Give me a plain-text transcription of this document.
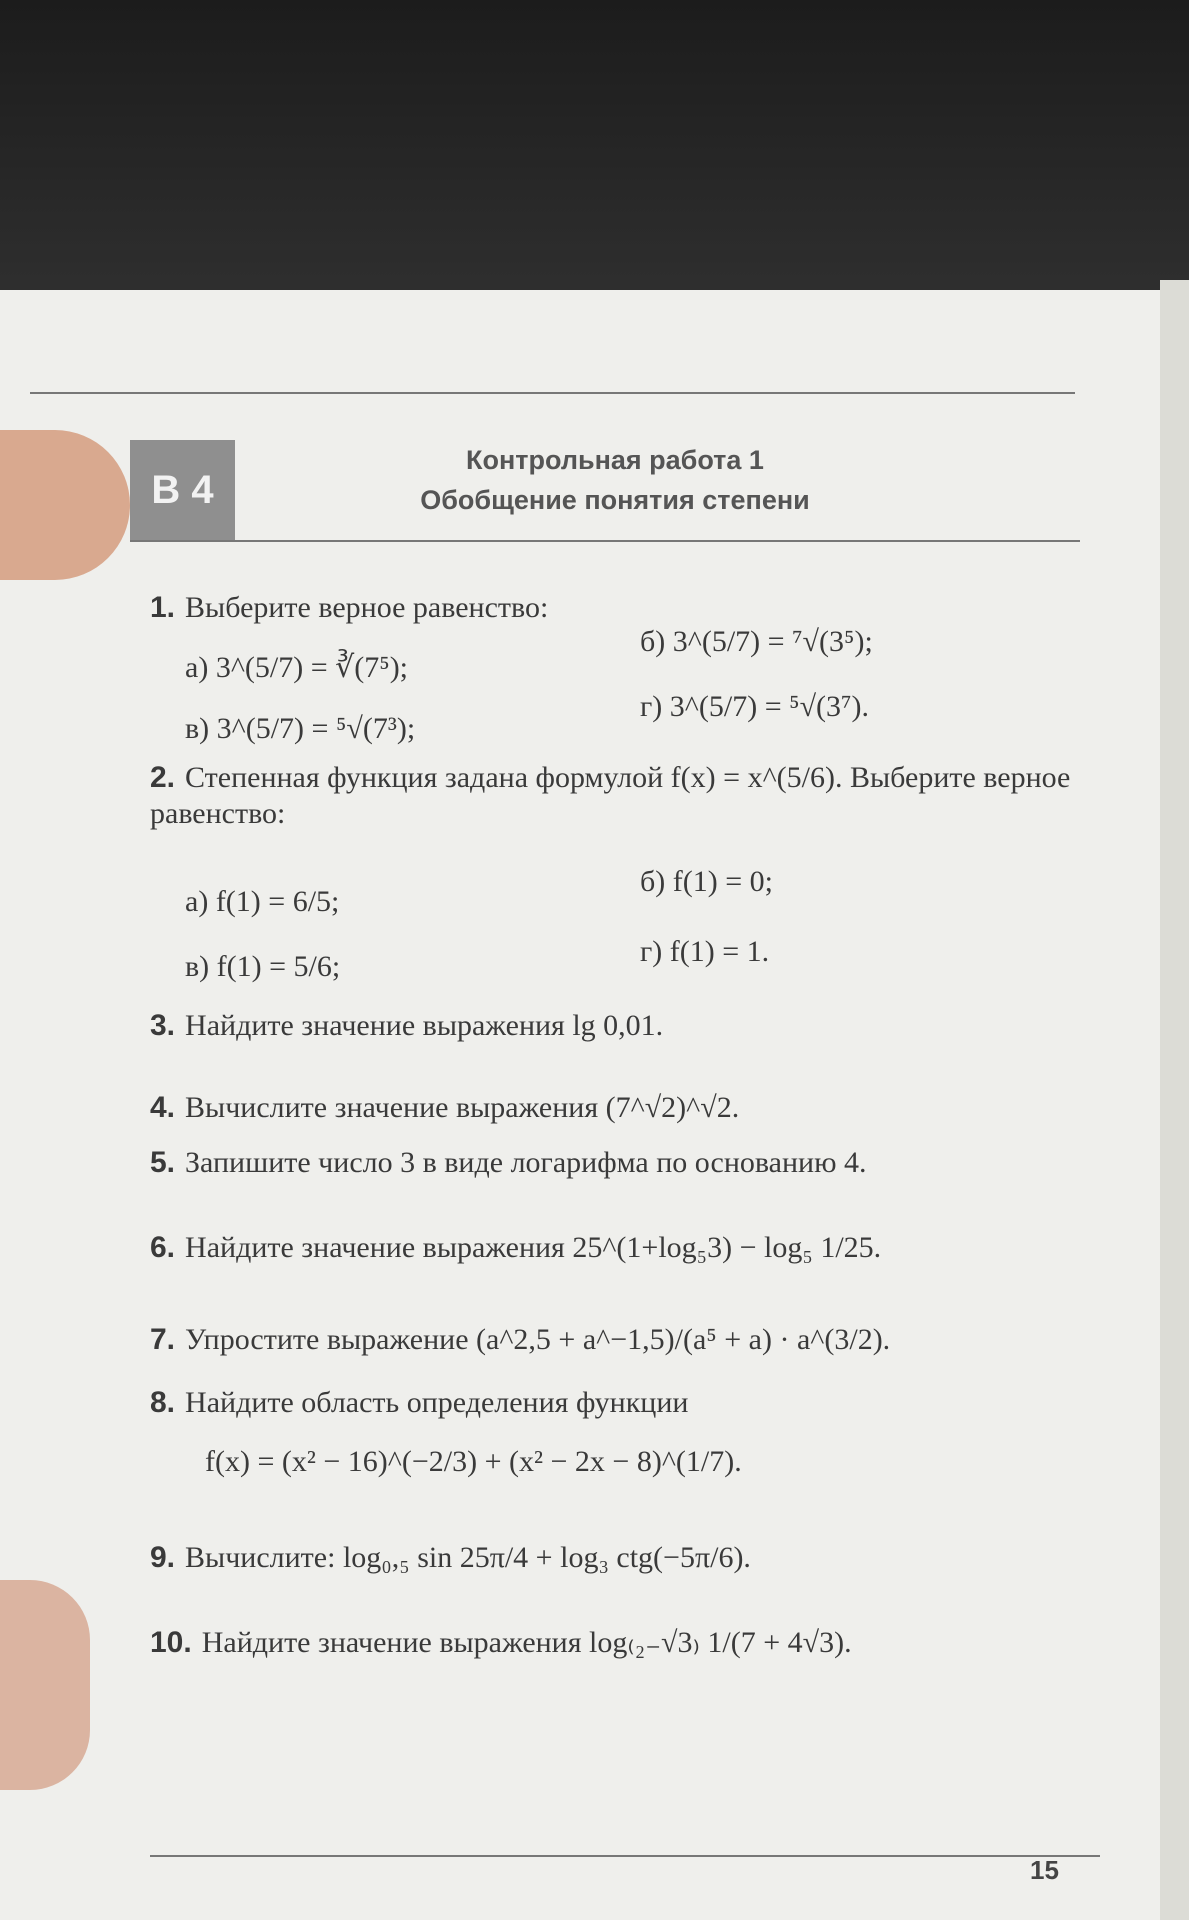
В 4
Контрольная работа 1
Обобщение понятия степени
1. Выберите верное равенство:
а) 3^(5/7) = ∛(7⁵);
б) 3^(5/7) = ⁷√(3⁵);
в) 3^(5/7) = ⁵√(7³);
г) 3^(5/7) = ⁵√(3⁷).
2. Степенная функция задана формулой f(x) = x^(5/6). Выберите верное равенство:
а) f(1) = 6/5;
б) f(1) = 0;
в) f(1) = 5/6;	г) f(1) = 1.
3. Найдите значение выражения lg 0,01.
4. Вычислите значение выражения (7^√2)^√2.
5. Запишите число 3 в виде логарифма по основанию 4.
6. Найдите значение выражения 25^(1+log₅3) − log₅ 1/25.
7. Упростите выражение (a^2,5 + a^−1,5)/(a⁵ + a) · a^(3/2).
8. Найдите область определения функции
f(x) = (x² − 16)^(−2/3) + (x² − 2x − 8)^(1/7).
9. Вычислите: log₀,₅ sin 25π/4 + log₃ ctg(−5π/6).
10. Найдите значение выражения log₍₂₋√3₎ 1/(7 + 4√3).
15
